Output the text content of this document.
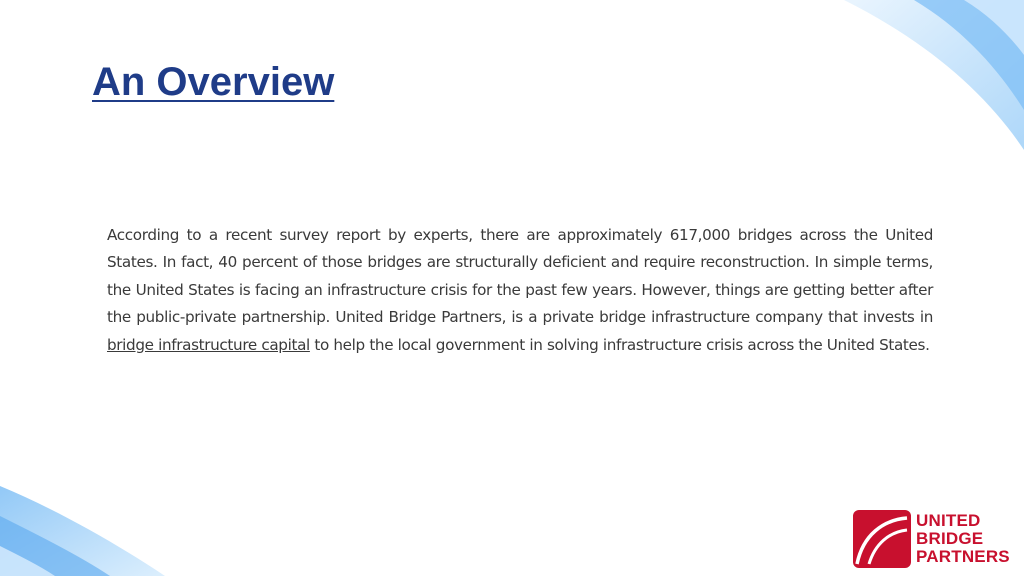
An Overview

According to a recent survey report by experts, there are approximately 617,000 bridges across the United States. In fact, 40 percent of those bridges are structurally deficient and require reconstruction. In simple terms, the United States is facing an infrastructure crisis for the past few years. However, things are getting better after the public-private partnership. United Bridge Partners, is a private bridge infrastructure company that invests in bridge infrastructure capital to help the local government in solving infrastructure crisis across the United States.

UNITED
BRIDGE
PARTNERS
